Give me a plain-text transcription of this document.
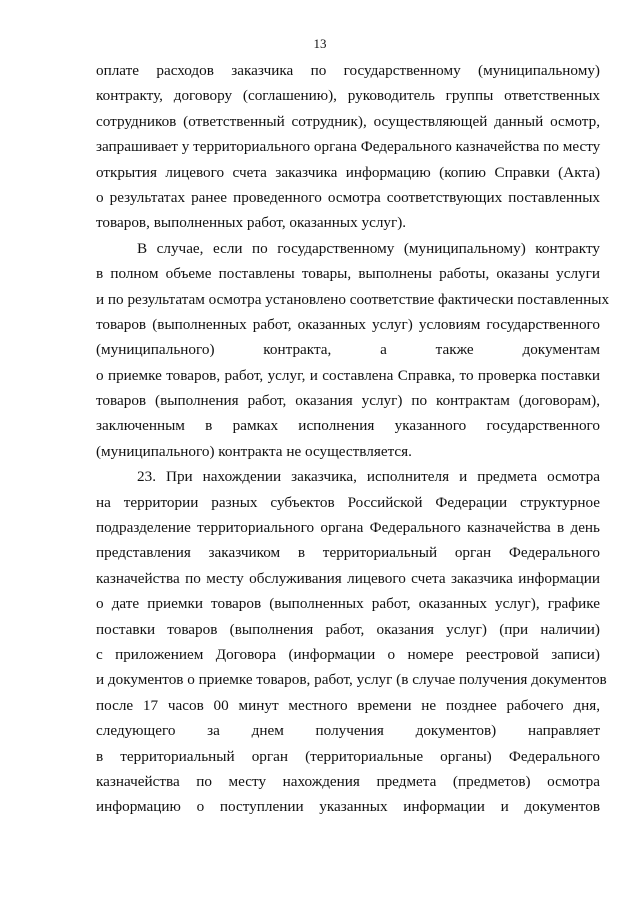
13
оплате расходов заказчика по государственному (муниципальному)
контракту, договору (соглашению), руководитель группы ответственных
сотрудников (ответственный сотрудник), осуществляющей данный осмотр,
запрашивает у территориального органа Федерального казначейства по месту
открытия лицевого счета заказчика информацию (копию Справки (Акта)
о результатах ранее проведенного осмотра соответствующих поставленных
товаров, выполненных работ, оказанных услуг).
В случае, если по государственному (муниципальному) контракту
в полном объеме поставлены товары, выполнены работы, оказаны услуги
и по результатам осмотра установлено соответствие фактически поставленных
товаров (выполненных работ, оказанных услуг) условиям государственного
(муниципального) контракта, а также документам
о приемке товаров, работ, услуг, и составлена Справка, то проверка поставки
товаров (выполнения работ, оказания услуг) по контрактам (договорам),
заключенным в рамках исполнения указанного государственного
(муниципального) контракта не осуществляется.
23. При нахождении заказчика, исполнителя и предмета осмотра
на территории разных субъектов Российской Федерации структурное
подразделение территориального органа Федерального казначейства в день
представления заказчиком в территориальный орган Федерального
казначейства по месту обслуживания лицевого счета заказчика информации
о дате приемки товаров (выполненных работ, оказанных услуг), графике
поставки товаров (выполнения работ, оказания услуг) (при наличии)
с приложением Договора (информации о номере реестровой записи)
и документов о приемке товаров, работ, услуг (в случае получения документов
после 17 часов 00 минут местного времени не позднее рабочего дня,
следующего за днем получения документов) направляет
в территориальный орган (территориальные органы) Федерального
казначейства по месту нахождения предмета (предметов) осмотра
информацию о поступлении указанных информации и документов
